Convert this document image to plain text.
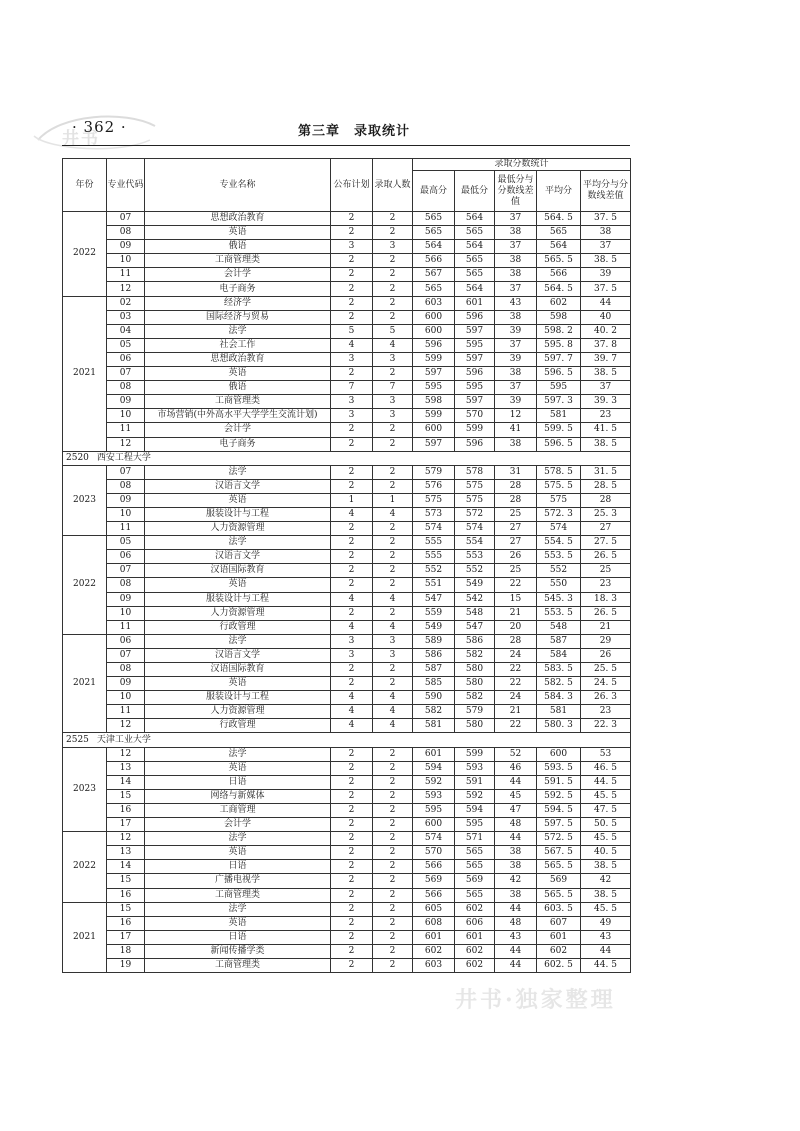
井书
· 362 ·	第三章　录取统计
年份	专业代码	专业名称	公布计划	录取人数	录取分数统计				
					最高分	最低分	最低分与分数线差值	平均分	平均分与分数线差值
2022	07	思想政治教育	2	2	565	564	37	564. 5	37. 5
	08	英语	2	2	565	565	38	565	38
	09	俄语	3	3	564	564	37	564	37
	10	工商管理类	2	2	566	565	38	565. 5	38. 5
	11	会计学	2	2	567	565	38	566	39
	12	电子商务	2	2	565	564	37	564. 5	37. 5
2021	02	经济学	2	2	603	601	43	602	44
	03	国际经济与贸易	2	2	600	596	38	598	40
	04	法学	5	5	600	597	39	598. 2	40. 2
	05	社会工作	4	4	596	595	37	595. 8	37. 8
	06	思想政治教育	3	3	599	597	39	597. 7	39. 7
	07	英语	2	2	597	596	38	596. 5	38. 5
	08	俄语	7	7	595	595	37	595	37
	09	工商管理类	3	3	598	597	39	597. 3	39. 3
	10	市场营销(中外高水平大学学生交流计划)	3	3	599	570	12	581	23
	11	会计学	2	2	600	599	41	599. 5	41. 5
	12	电子商务	2	2	597	596	38	596. 5	38. 5
2520 西安工程大学									
2023	07	法学	2	2	579	578	31	578. 5	31. 5
	08	汉语言文学	2	2	576	575	28	575. 5	28. 5
	09	英语	1	1	575	575	28	575	28
	10	服装设计与工程	4	4	573	572	25	572. 3	25. 3
	11	人力资源管理	2	2	574	574	27	574	27
2022	05	法学	2	2	555	554	27	554. 5	27. 5
	06	汉语言文学	2	2	555	553	26	553. 5	26. 5
	07	汉语国际教育	2	2	552	552	25	552	25
	08	英语	2	2	551	549	22	550	23
	09	服装设计与工程	4	4	547	542	15	545. 3	18. 3
	10	人力资源管理	2	2	559	548	21	553. 5	26. 5
	11	行政管理	4	4	549	547	20	548	21
2021	06	法学	3	3	589	586	28	587	29
	07	汉语言文学	3	3	586	582	24	584	26
	08	汉语国际教育	2	2	587	580	22	583. 5	25. 5
	09	英语	2	2	585	580	22	582. 5	24. 5
	10	服装设计与工程	4	4	590	582	24	584. 3	26. 3
	11	人力资源管理	4	4	582	579	21	581	23
	12	行政管理	4	4	581	580	22	580. 3	22. 3
2525 天津工业大学									
2023	12	法学	2	2	601	599	52	600	53
	13	英语	2	2	594	593	46	593. 5	46. 5
	14	日语	2	2	592	591	44	591. 5	44. 5
	15	网络与新媒体	2	2	593	592	45	592. 5	45. 5
	16	工商管理	2	2	595	594	47	594. 5	47. 5
	17	会计学	2	2	600	595	48	597. 5	50. 5
2022	12	法学	2	2	574	571	44	572. 5	45. 5
	13	英语	2	2	570	565	38	567. 5	40. 5
	14	日语	2	2	566	565	38	565. 5	38. 5
	15	广播电视学	2	2	569	569	42	569	42
	16	工商管理类	2	2	566	565	38	565. 5	38. 5
2021	15	法学	2	2	605	602	44	603. 5	45. 5
	16	英语	2	2	608	606	48	607	49
	17	日语	2	2	601	601	43	601	43
	18	新闻传播学类	2	2	602	602	44	602	44
	19	工商管理类	2	2	603	602	44	602. 5	44. 5
井书·独家整理
